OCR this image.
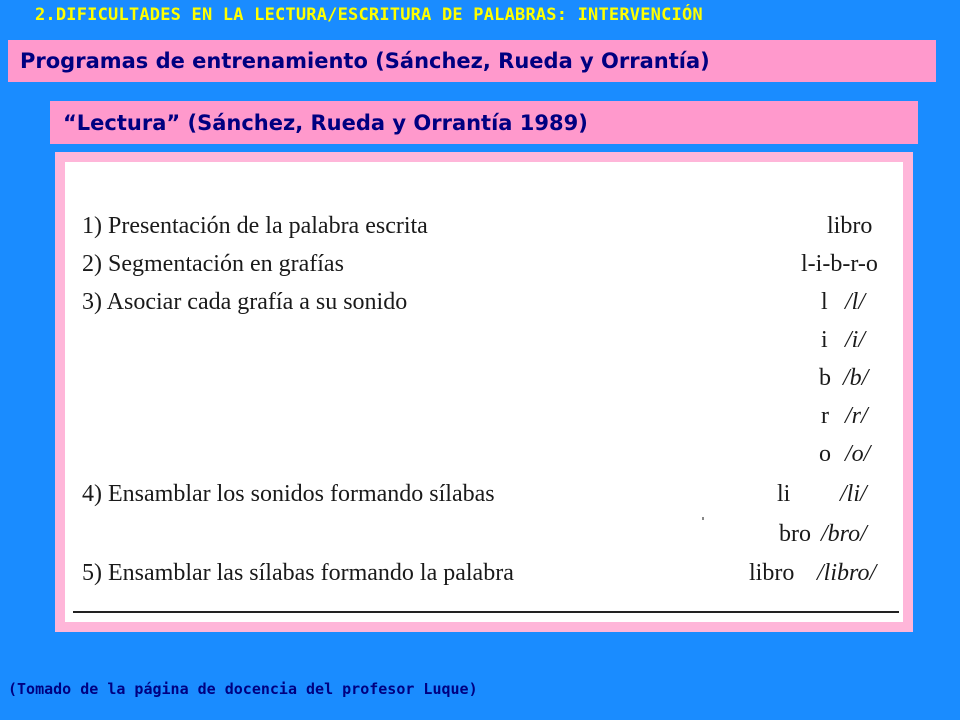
2.DIFICULTADES EN LA LECTURA/ESCRITURA DE PALABRAS: INTERVENCIÓN
Programas de entrenamiento (Sánchez, Rueda y Orrantía)
“Lectura” (Sánchez, Rueda y Orrantía 1989)
1) Presentación de la palabra escrita	libro
2) Segmentación en grafías	l-i-b-r-o
3) Asociar cada grafía a su sonido	l /l/
i /i/
b /b/
r /r/
o /o/
4) Ensamblar los sonidos formando sílabas	li /li/
bro /bro/
5) Ensamblar las sílabas formando la palabra	libro /libro/
(Tomado de la página de docencia del profesor Luque)
